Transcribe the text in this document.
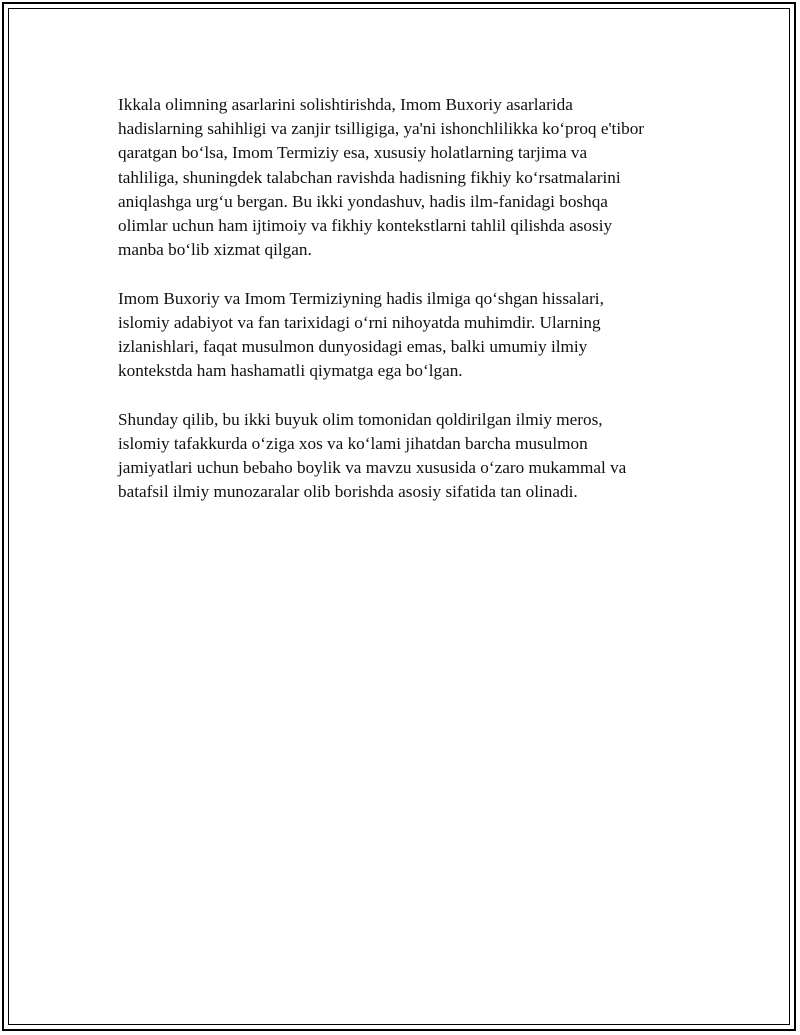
Ikkala olimning asarlarini solishtirishda, Imom Buxoriy asarlarida
hadislarning sahihligi va zanjir tsilligiga, ya'ni ishonchlilikka ko‘proq e'tibor
qaratgan bo‘lsa, Imom Termiziy esa, xususiy holatlarning tarjima va
tahliliga, shuningdek talabchan ravishda hadisning fikhiy ko‘rsatmalarini
aniqlashga urg‘u bergan. Bu ikki yondashuv, hadis ilm-fanidagi boshqa
olimlar uchun ham ijtimoiy va fikhiy kontekstlarni tahlil qilishda asosiy
manba bo‘lib xizmat qilgan.

Imom Buxoriy va Imom Termiziyning hadis ilmiga qo‘shgan hissalari,
islomiy adabiyot va fan tarixidagi o‘rni nihoyatda muhimdir. Ularning
izlanishlari, faqat musulmon dunyosidagi emas, balki umumiy ilmiy
kontekstda ham hashamatli qiymatga ega bo‘lgan.

Shunday qilib, bu ikki buyuk olim tomonidan qoldirilgan ilmiy meros,
islomiy tafakkurda o‘ziga xos va ko‘lami jihatdan barcha musulmon
jamiyatlari uchun bebaho boylik va mavzu xususida o‘zaro mukammal va
batafsil ilmiy munozaralar olib borishda asosiy sifatida tan olinadi.
